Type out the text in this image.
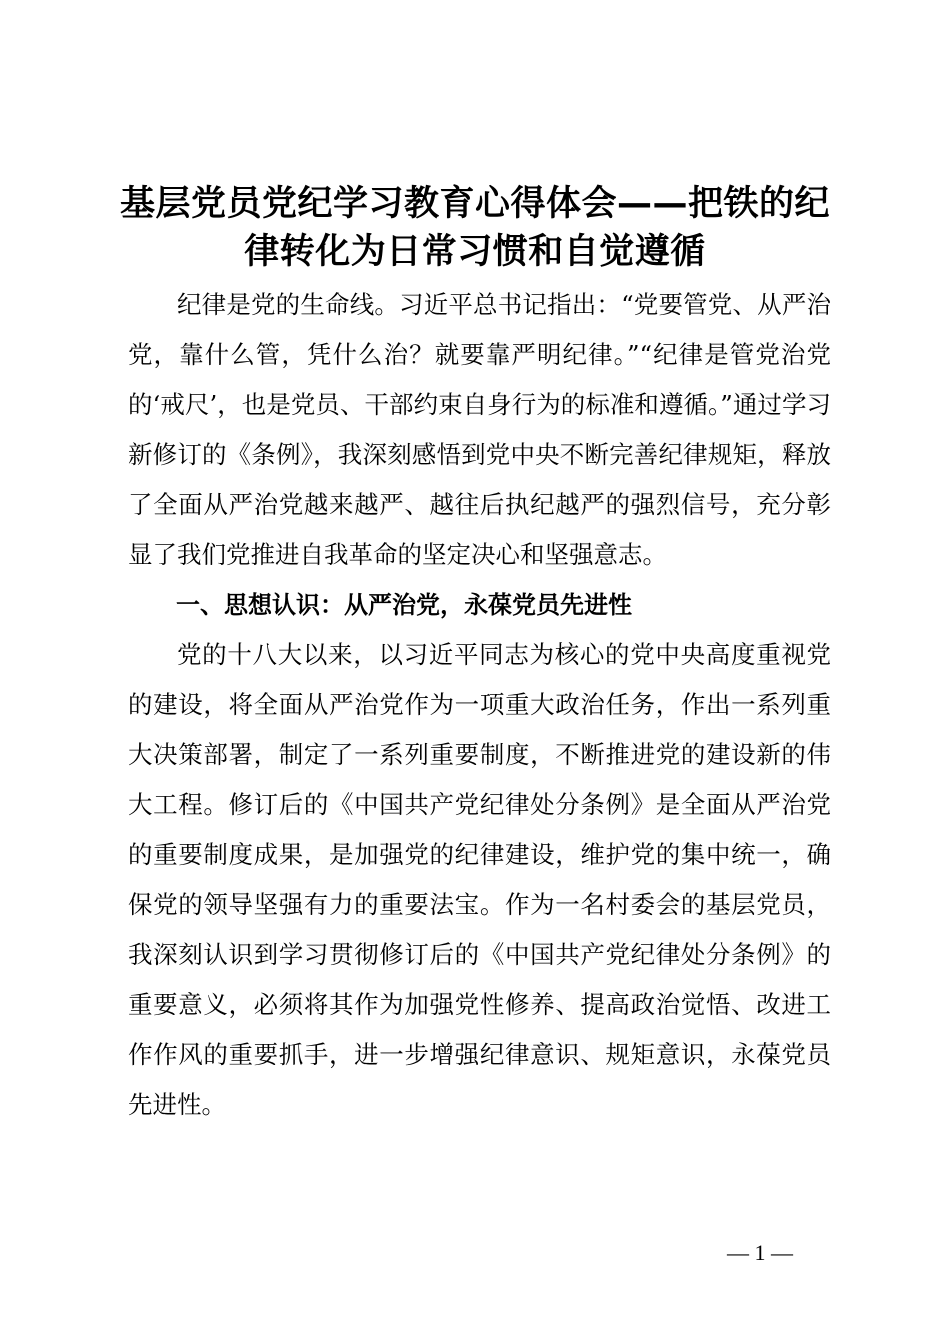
基层党员党纪学习教育心得体会——把铁的纪律转化为日常习惯和自觉遵循

纪律是党的生命线。习近平总书记指出：“党要管党、从严治党，靠什么管，凭什么治？就要靠严明纪律。”“纪律是管党治党的‘戒尺’，也是党员、干部约束自身行为的标准和遵循。”通过学习新修订的《条例》，我深刻感悟到党中央不断完善纪律规矩，释放了全面从严治党越来越严、越往后执纪越严的强烈信号，充分彰显了我们党推进自我革命的坚定决心和坚强意志。

一、思想认识：从严治党，永葆党员先进性

党的十八大以来，以习近平同志为核心的党中央高度重视党的建设，将全面从严治党作为一项重大政治任务，作出一系列重大决策部署，制定了一系列重要制度，不断推进党的建设新的伟大工程。修订后的《中国共产党纪律处分条例》是全面从严治党的重要制度成果，是加强党的纪律建设，维护党的集中统一，确保党的领导坚强有力的重要法宝。作为一名村委会的基层党员，我深刻认识到学习贯彻修订后的《中国共产党纪律处分条例》的重要意义，必须将其作为加强党性修养、提高政治觉悟、改进工作作风的重要抓手，进一步增强纪律意识、规矩意识，永葆党员先进性。

— 1 —
